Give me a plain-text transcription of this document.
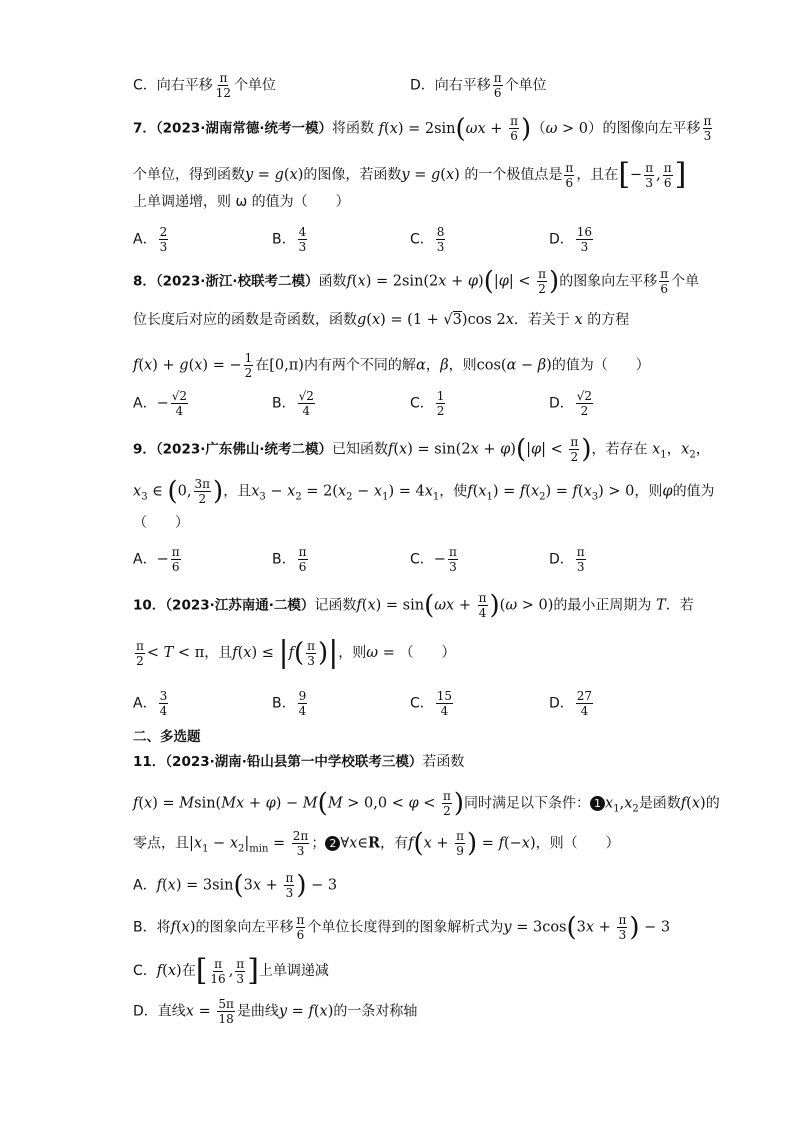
C．向右平移 $\frac{\pi}{12}$ 个单位	D．向右平移 $\frac{\pi}{6}$ 个单位
7．（2023·湖南常德·统考一模）将函数 $f(x) = 2\sin(\omega x + \frac{\pi}{6} )(\omega > 0)$的图像向左平移 $\frac{\pi}{3}$
个单位，得到函数y = g(x)的图像，若函数y = g(x) 的一个极值点是 $\frac{\pi}{6}$ ，且在[− $\frac{\pi}{3}$ , $\frac{\pi}{6}$ ]
上单调递增，则 ω 的值为（　　）
A． $\frac{2}{3}$	B． $\frac{4}{3}$	C． $\frac{8}{3}$	D． $\frac{16}{3}$
8．（2023·浙江·校联考二模）函数$f(x) = 2\sin(2x + \varphi)(|\varphi| < \frac{\pi}{2}$ )的图象向左平移 $\frac{\pi}{6}$ 个单
位长度后对应的函数是奇函数，函数g(x) = (1 + √3)cos 2x．若关于 x 的方程
f(x) + g(x) = − $\frac{1}{2}$ 在[0,π)内有两个不同的解α，β，则cos(α − β)的值为（　　）
A．− $\frac{√2}{4}$	B． $\frac{√2}{4}$	C． $\frac{1}{2}$	D． $\frac{√2}{2}$
9．（2023·广东佛山·统考二模）已知函数$f(x) = \sin(2x + \varphi)(|\varphi| < \frac{\pi}{2}$ )，若存在 $x_1$，$x_2$，
$x_3$ ∈ (0, $\frac{3\pi}{2}$ )，且$x_3 - x_2 = 2(x_2 - x_1) = 4x_1$，使$f(x_1) = f(x_2) = f(x_3) > 0$，则φ的值为
（　　）
A．− $\frac{\pi}{6}$	B． $\frac{\pi}{6}$	C．− $\frac{\pi}{3}$	D． $\frac{\pi}{3}$
10．（2023·江苏南通·二模）记函数$f(x) = \sin(\omega x + \frac{\pi}{4} )(\omega > 0)$的最小正周期为 T．若
$\frac{\pi}{2} < T < \pi$，且$f(x) \le |f( \frac{\pi}{3}$ )|，则ω = （　　）
A． $\frac{3}{4}$	B． $\frac{9}{4}$	C． $\frac{15}{4}$	D． $\frac{27}{4}$
二、多选题
11．（2023·湖南·铅山县第一中学校联考三模）若函数
$f(x) = Msin(Mx + \varphi) - M(M > 0,0 < \varphi < \frac{\pi}{2}$ )同时满足以下条件： 1 $x_1,x_2$是函数f(x)的
零点，且$|x_1 - x_2|_{min} = \frac{2\pi}{3}$ ； 2 ∀x∈R，有$f(x + \frac{\pi}{9}$ ) = f(−x)，则（　　）
A．$f(x) = 3\sin(3x + \frac{\pi}{3}$ ) − 3
B．将f(x)的图象向左平移 $\frac{\pi}{6}$ 个单位长度得到的图象解析式为$y = 3\cos(3x + \frac{\pi}{3}$ ) − 3
C．f(x)在[ $\frac{\pi}{16}$ , $\frac{\pi}{3}$ ]上单调递减
D．直线$x = \frac{5\pi}{18}$ 是曲线y = f(x)的一条对称轴
